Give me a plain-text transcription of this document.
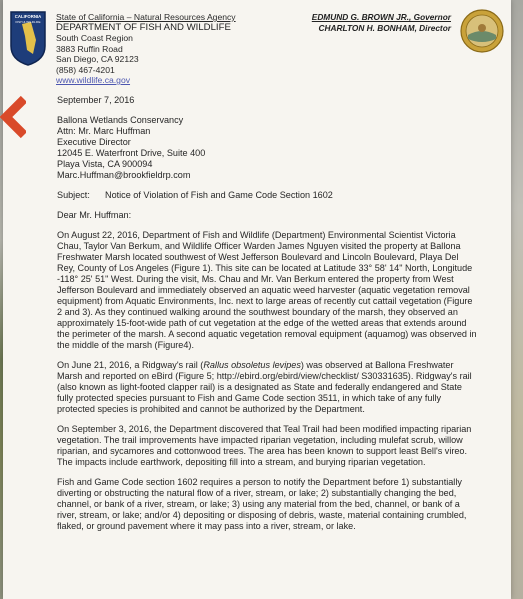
CALIFORNIA
FISH & WILDLIFE State of California – Natural Resources Agency
DEPARTMENT OF FISH AND WILDLIFE
South Coast Region
3883 Ruffin Road
San Diego, CA 92123
(858) 467-4201
www.wildlife.ca.gov
EDMUND G. BROWN JR., Governor
CHARLTON H. BONHAM, Director

September 7, 2016

Ballona Wetlands Conservancy
Attn: Mr. Marc Huffman
Executive Director
12045 E. Waterfront Drive, Suite 400
Playa Vista, CA 900094
Marc.Huffman@brookfieldrp.com

Subject:	Notice of Violation of Fish and Game Code Section 1602

Dear Mr. Huffman:

On August 22, 2016, Department of Fish and Wildlife (Department) Environmental Scientist Victoria Chau, Taylor Van Berkum, and Wildlife Officer Warden James Nguyen visited the property at Ballona Freshwater Marsh located southwest of West Jefferson Boulevard and Lincoln Boulevard, Playa Del Rey, County of Los Angeles (Figure 1). This site can be located at Latitude 33° 58' 14" North, Longitude -118° 25' 51" West. During the visit, Ms. Chau and Mr. Van Berkum entered the property from West Jefferson Boulevard and immediately observed an aquatic weed harvester (aquatic vegetation removal equipment) from Aquatic Environments, Inc. next to large areas of recently cut cattail vegetation (Figure 2 and 3). As they continued walking around the southwest boundary of the marsh, they observed an approximately 15-foot-wide path of cut vegetation at the edge of the wetted areas that extends around the perimeter of the marsh. A second aquatic vegetation removal equipment (aquamog) was observed in the middle of the marsh (Figure4).

On June 21, 2016, a Ridgway's rail (Rallus obsoletus levipes) was observed at Ballona Freshwater Marsh and reported on eBird (Figure 5; http://ebird.org/ebird/view/checklist/ S30331635). Ridgway's rail (also known as light-footed clapper rail) is a designated as State and federally endangered and State fully protected species pursuant to Fish and Game Code section 3511, in which take of any fully protected species is prohibited and cannot be authorized by the Department.

On September 3, 2016, the Department discovered that Teal Trail had been modified impacting riparian vegetation. The trail improvements have impacted riparian vegetation, including mulefat scrub, willow riparian, and sycamores and cottonwood trees. The area has been known to support least Bell's vireo. The impacts include earthwork, depositing fill into a stream, and burying riparian vegetation.

Fish and Game Code section 1602 requires a person to notify the Department before 1) substantially diverting or obstructing the natural flow of a river, stream, or lake; 2) substantially changing the bed, channel, or bank of a river, stream, or lake; 3) using any material from the bed, channel, or bank of a river, stream, or lake; and/or 4) depositing or disposing of debris, waste, material containing crumbled, flaked, or ground pavement where it may pass into a river, stream, or lake.
